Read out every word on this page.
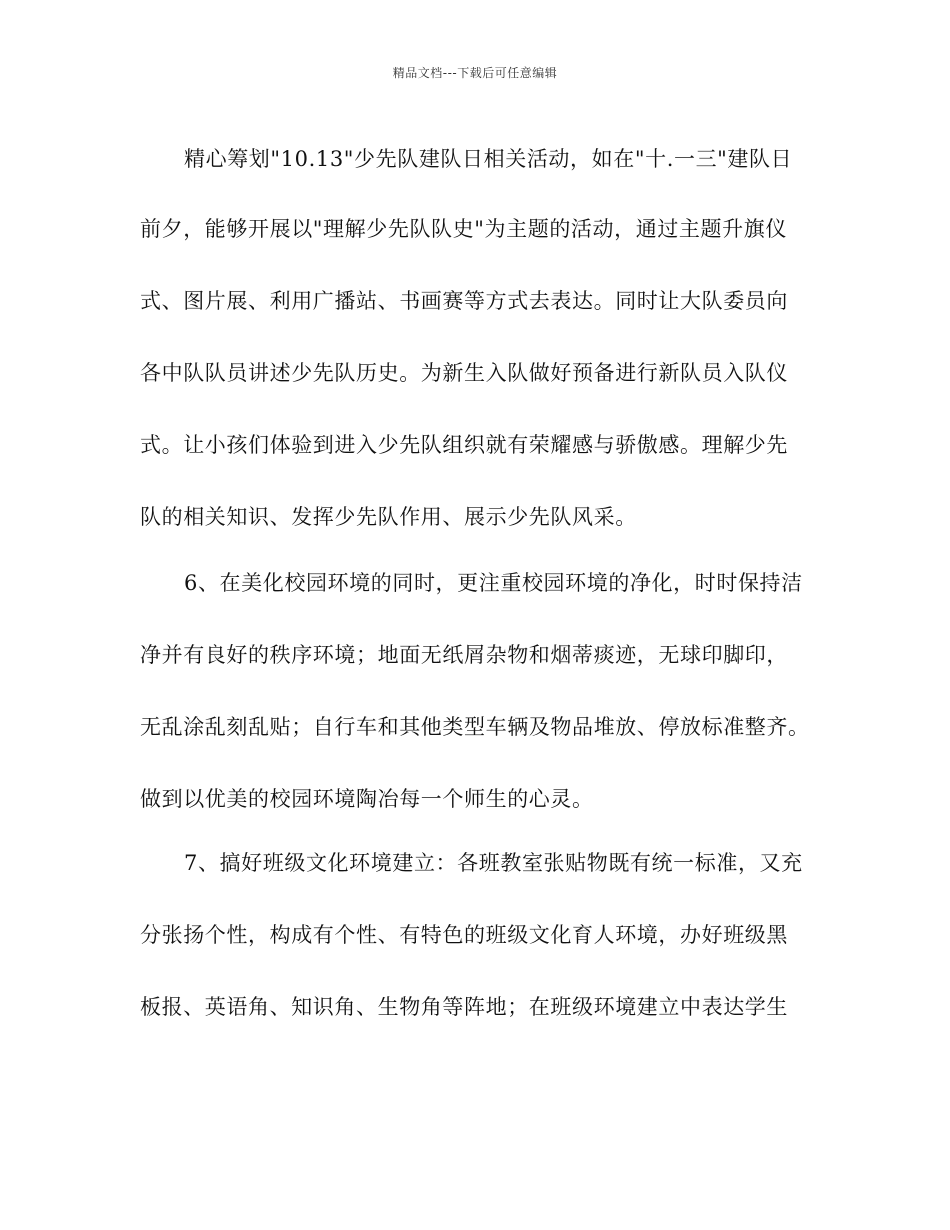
精品文档---下载后可任意编辑
精心筹划"10.13"少先队建队日相关活动，如在"十.一三"建队日
前夕，能够开展以"理解少先队队史"为主题的活动，通过主题升旗仪
式、图片展、利用广播站、书画赛等方式去表达。同时让大队委员向
各中队队员讲述少先队历史。为新生入队做好预备进行新队员入队仪
式。让小孩们体验到进入少先队组织就有荣耀感与骄傲感。理解少先
队的相关知识、发挥少先队作用、展示少先队风采。
6、在美化校园环境的同时，更注重校园环境的净化，时时保持洁
净并有良好的秩序环境；地面无纸屑杂物和烟蒂痰迹，无球印脚印，
无乱涂乱刻乱贴；自行车和其他类型车辆及物品堆放、停放标准整齐。
做到以优美的校园环境陶冶每一个师生的心灵。
7、搞好班级文化环境建立：各班教室张贴物既有统一标准，又充
分张扬个性，构成有个性、有特色的班级文化育人环境，办好班级黑
板报、英语角、知识角、生物角等阵地；在班级环境建立中表达学生
